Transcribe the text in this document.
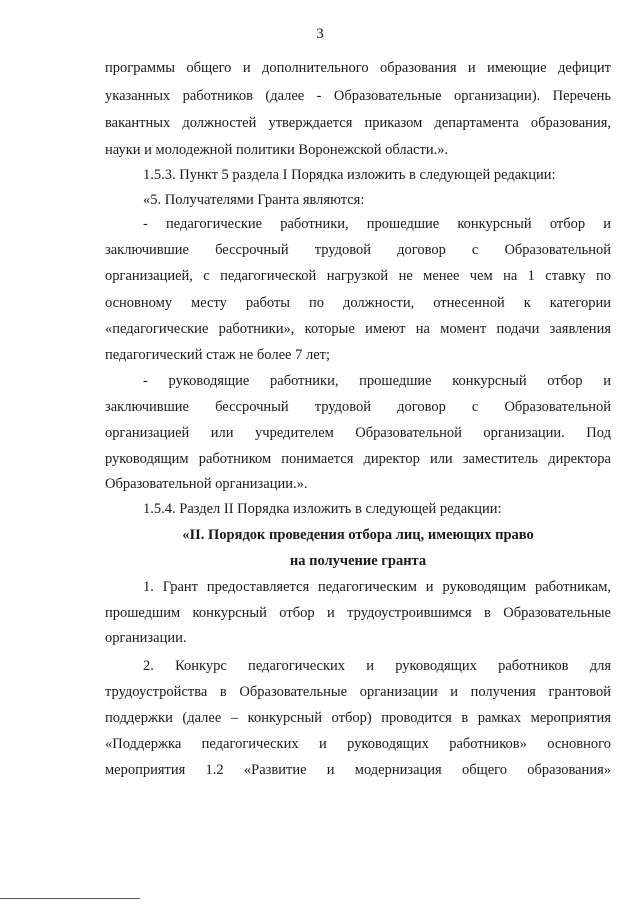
3
программы общего и дополнительного образования и имеющие дефицит
указанных работников (далее - Образовательные организации). Перечень
вакантных должностей утверждается приказом департамента образования,
науки и молодежной политики Воронежской области.».
1.5.3. Пункт 5 раздела I Порядка изложить в следующей редакции:
«5. Получателями Гранта являются:
- педагогические работники, прошедшие конкурсный отбор и
заключившие бессрочный трудовой договор с Образовательной
организацией, с педагогической нагрузкой не менее чем на 1 ставку по
основному месту работы по должности, отнесенной к категории
«педагогические работники», которые имеют на момент подачи заявления
педагогический стаж не более 7 лет;
- руководящие работники, прошедшие конкурсный отбор и
заключившие бессрочный трудовой договор с Образовательной
организацией или учредителем Образовательной организации. Под
руководящим работником понимается директор или заместитель директора
Образовательной организации.».
1.5.4. Раздел II Порядка изложить в следующей редакции:
«II. Порядок проведения отбора лиц, имеющих право
на получение гранта
1. Грант предоставляется педагогическим и руководящим работникам,
прошедшим конкурсный отбор и трудоустроившимся в Образовательные
организации.
2. Конкурс педагогических и руководящих работников для
трудоустройства в Образовательные организации и получения грантовой
поддержки (далее – конкурсный отбор) проводится в рамках мероприятия
«Поддержка педагогических и руководящих работников» основного
мероприятия 1.2 «Развитие и модернизация общего образования»
